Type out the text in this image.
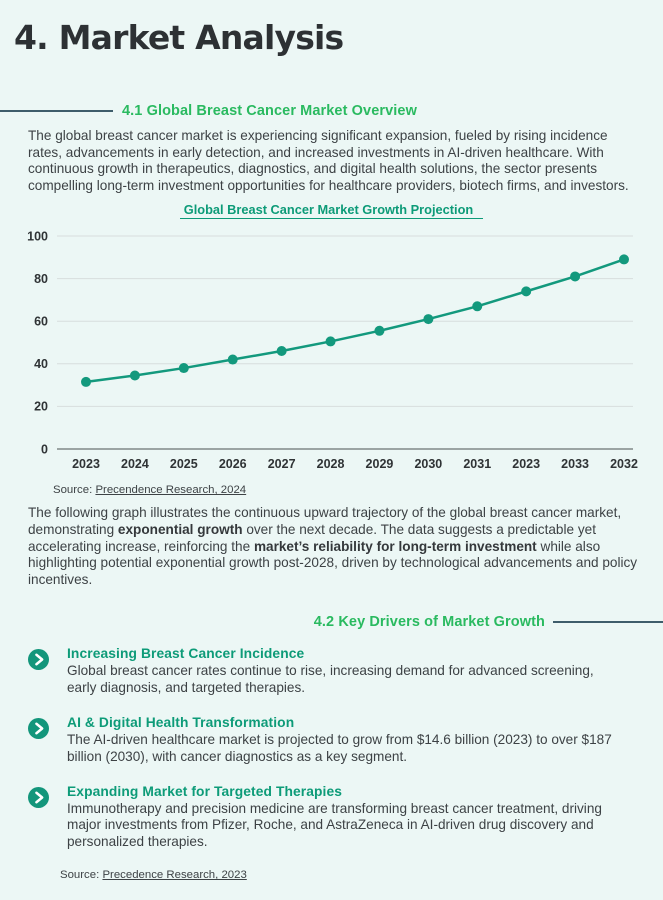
4. Market Analysis
4.1 Global Breast Cancer Market Overview

The global breast cancer market is experiencing significant expansion, fueled by rising incidence rates, advancements in early detection, and increased investments in AI-driven healthcare. With continuous growth in therapeutics, diagnostics, and digital health solutions, the sector presents compelling long-term investment opportunities for healthcare providers, biotech firms, and investors.

Global Breast Cancer Market Growth Projection
0
20
40
60
80
100
2023 2024 2025 2026 2027 2028 2029 2030 2031 2023 2033 2032
Source: Precendence Research, 2024

The following graph illustrates the continuous upward trajectory of the global breast cancer market, demonstrating exponential growth over the next decade. The data suggests a predictable yet accelerating increase, reinforcing the market’s reliability for long-term investment while also highlighting potential exponential growth post-2028, driven by technological advancements and policy incentives.

4.2 Key Drivers of Market Growth
Increasing Breast Cancer Incidence
Global breast cancer rates continue to rise, increasing demand for advanced screening, early diagnosis, and targeted therapies.
AI & Digital Health Transformation
The AI-driven healthcare market is projected to grow from $14.6 billion (2023) to over $187 billion (2030), with cancer diagnostics as a key segment.
Expanding Market for Targeted Therapies
Immunotherapy and precision medicine are transforming breast cancer treatment, driving major investments from Pfizer, Roche, and AstraZeneca in AI-driven drug discovery and personalized therapies.
Source: Precedence Research, 2023
